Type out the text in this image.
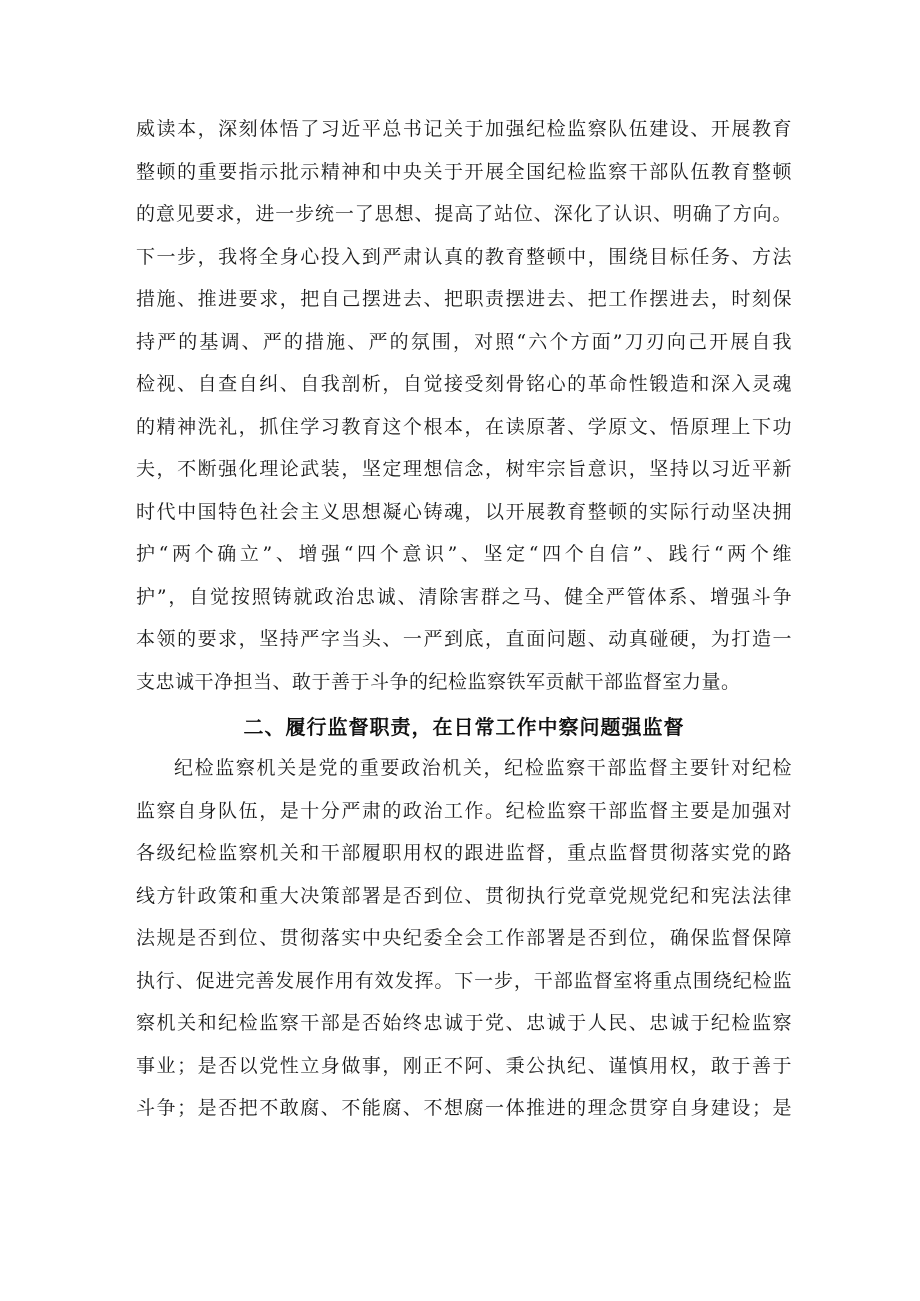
威读本，深刻体悟了习近平总书记关于加强纪检监察队伍建设、开展教育
整顿的重要指示批示精神和中央关于开展全国纪检监察干部队伍教育整顿
的意见要求，进一步统一了思想、提高了站位、深化了认识、明确了方向。
下一步，我将全身心投入到严肃认真的教育整顿中，围绕目标任务、方法
措施、推进要求，把自己摆进去、把职责摆进去、把工作摆进去，时刻保
持严的基调、严的措施、严的氛围，对照“六个方面”刀刃向己开展自我
检视、自查自纠、自我剖析，自觉接受刻骨铭心的革命性锻造和深入灵魂
的精神洗礼，抓住学习教育这个根本，在读原著、学原文、悟原理上下功
夫，不断强化理论武装，坚定理想信念，树牢宗旨意识，坚持以习近平新
时代中国特色社会主义思想凝心铸魂，以开展教育整顿的实际行动坚决拥
护“两个确立”、增强“四个意识”、坚定“四个自信”、践行“两个维
护”，自觉按照铸就政治忠诚、清除害群之马、健全严管体系、增强斗争
本领的要求，坚持严字当头、一严到底，直面问题、动真碰硬，为打造一
支忠诚干净担当、敢于善于斗争的纪检监察铁军贡献干部监督室力量。
二、履行监督职责，在日常工作中察问题强监督
纪检监察机关是党的重要政治机关，纪检监察干部监督主要针对纪检
监察自身队伍，是十分严肃的政治工作。纪检监察干部监督主要是加强对
各级纪检监察机关和干部履职用权的跟进监督，重点监督贯彻落实党的路
线方针政策和重大决策部署是否到位、贯彻执行党章党规党纪和宪法法律
法规是否到位、贯彻落实中央纪委全会工作部署是否到位，确保监督保障
执行、促进完善发展作用有效发挥。下一步，干部监督室将重点围绕纪检监
察机关和纪检监察干部是否始终忠诚于党、忠诚于人民、忠诚于纪检监察
事业；是否以党性立身做事，刚正不阿、秉公执纪、谨慎用权，敢于善于
斗争；是否把不敢腐、不能腐、不想腐一体推进的理念贯穿自身建设；是
